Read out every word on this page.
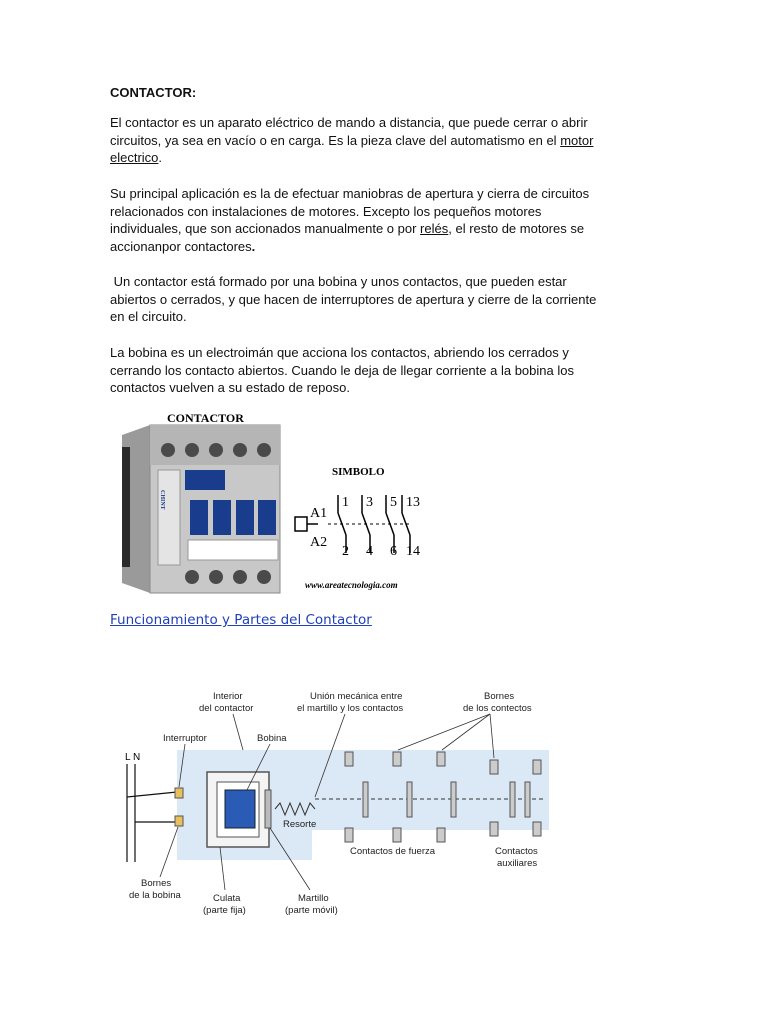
CONTACTOR:

El contactor es un aparato eléctrico de mando a distancia, que puede cerrar o abrir
circuitos, ya sea en vacío o en carga. Es la pieza clave del automatismo en el motor
electrico.

Su principal aplicación es la de efectuar maniobras de apertura y cierra de circuitos
relacionados con instalaciones de motores. Excepto los pequeños motores
individuales, que son accionados manualmente o por relés, el resto de motores se
accionanpor contactores.

Un contactor está formado por una bobina y unos contactos, que pueden estar
abiertos o cerrados, y que hacen de interruptores de apertura y cierre de la corriente
en el circuito.

La bobina es un electroimán que acciona los contactos, abriendo los cerrados y
cerrando los contacto abiertos. Cuando le deja de llegar corriente a la bobina los
contactos vuelven a su estado de reposo.

CONTACTOR
CHINT
SIMBOLO
A1
A2
1 3 5 13
2 4 6 14
www.areatecnologia.com
Funcionamiento y Partes del Contactor
L N
Interior
del contactor
Unión mecánica entre
el martillo y los contactos
Bornes
de los contectos
Interruptor	Bobina
Resorte
Contactos de fuerza	Contactos
auxiliares
Bornes
de la bobina	Culata
(parte fija)
Martillo
(parte móvil)
